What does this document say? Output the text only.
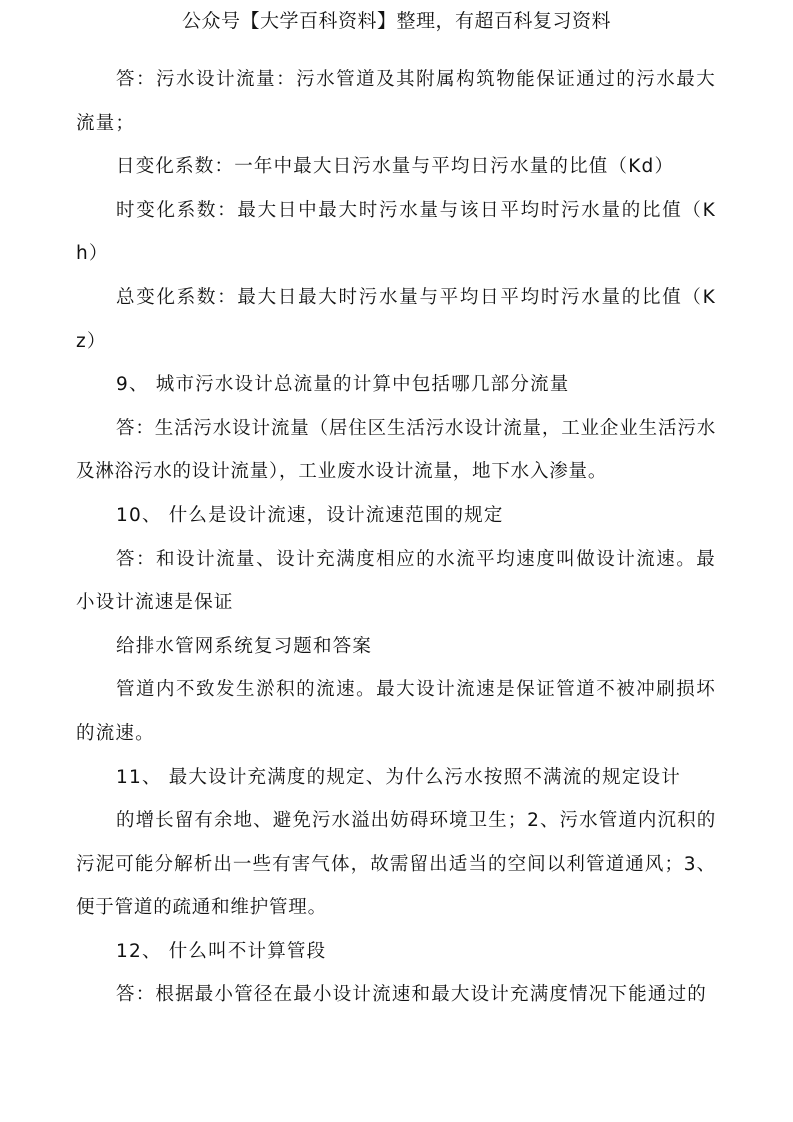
公众号【大学百科资料】整理，有超百科复习资料

答：污水设计流量：污水管道及其附属构筑物能保证通过的污水最大流量；

日变化系数：一年中最大日污水量与平均日污水量的比值（Kd）

时变化系数：最大日中最大时污水量与该日平均时污水量的比值（Kh）

总变化系数：最大日最大时污水量与平均日平均时污水量的比值（Kz）

9、 城市污水设计总流量的计算中包括哪几部分流量

答：生活污水设计流量（居住区生活污水设计流量，工业企业生活污水及淋浴污水的设计流量），工业废水设计流量，地下水入渗量。

10、 什么是设计流速，设计流速范围的规定

答：和设计流量、设计充满度相应的水流平均速度叫做设计流速。最小设计流速是保证

给排水管网系统复习题和答案

管道内不致发生淤积的流速。最大设计流速是保证管道不被冲刷损坏的流速。

11、 最大设计充满度的规定、为什么污水按照不满流的规定设计

的增长留有余地、避免污水溢出妨碍环境卫生；2、污水管道内沉积的污泥可能分解析出一些有害气体，故需留出适当的空间以利管道通风；3、便于管道的疏通和维护管理。

12、 什么叫不计算管段

答：根据最小管径在最小设计流速和最大设计充满度情况下能通过的
